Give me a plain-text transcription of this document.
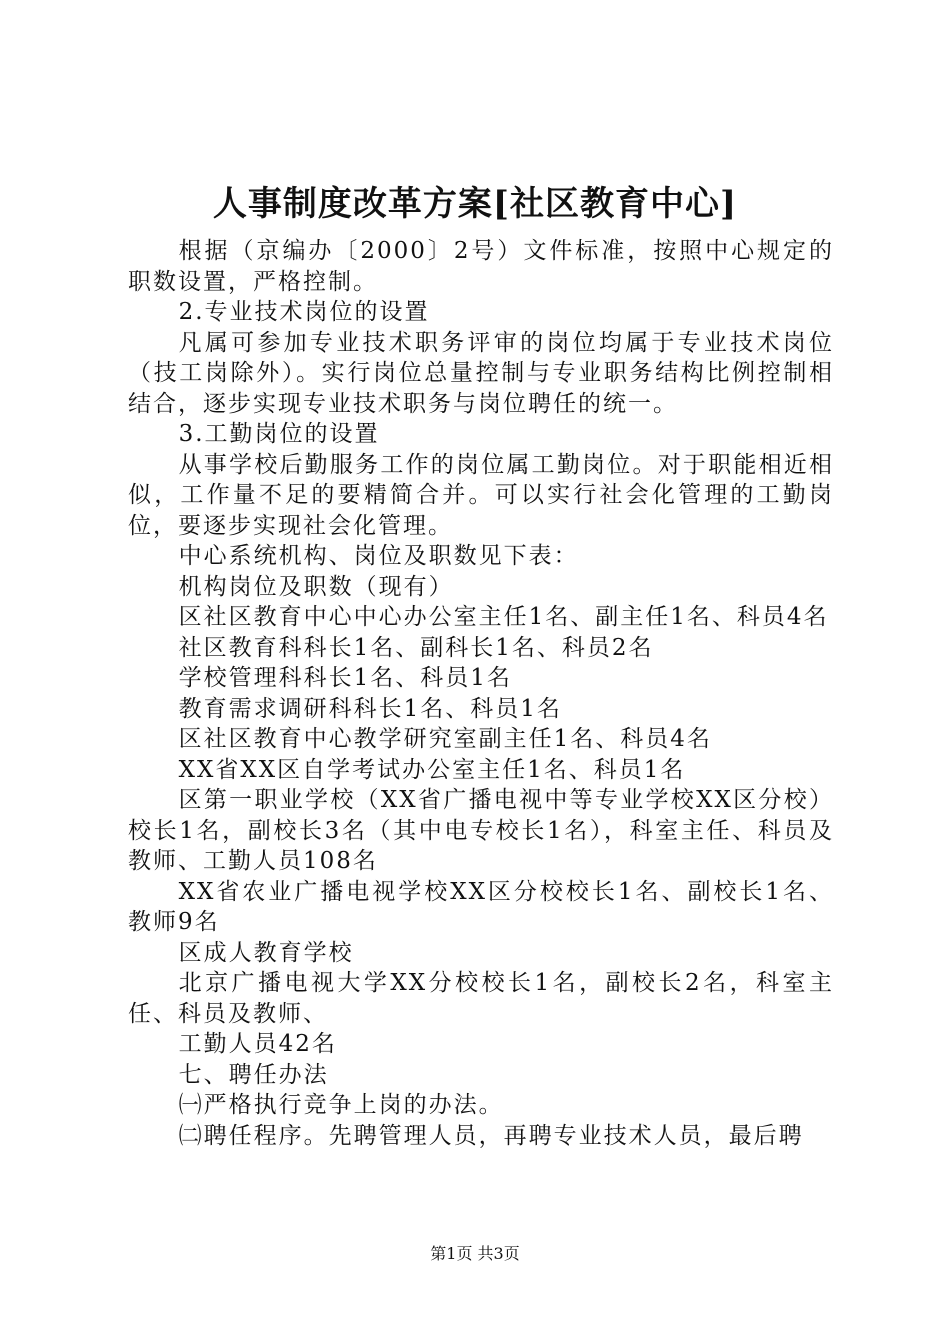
人事制度改革方案[社区教育中心]

根据（京编办〔2000〕2号）文件标准，按照中心规定的职数设置，严格控制。

2.专业技术岗位的设置

凡属可参加专业技术职务评审的岗位均属于专业技术岗位（技工岗除外）。实行岗位总量控制与专业职务结构比例控制相结合，逐步实现专业技术职务与岗位聘任的统一。

3.工勤岗位的设置

从事学校后勤服务工作的岗位属工勤岗位。对于职能相近相似，工作量不足的要精简合并。可以实行社会化管理的工勤岗位，要逐步实现社会化管理。

中心系统机构、岗位及职数见下表：

机构岗位及职数（现有）

区社区教育中心中心办公室主任1名、副主任1名、科员4名

社区教育科科长1名、副科长1名、科员2名

学校管理科科长1名、科员1名

教育需求调研科科长1名、科员1名

区社区教育中心教学研究室副主任1名、科员4名

XX省XX区自学考试办公室主任1名、科员1名

区第一职业学校（XX省广播电视中等专业学校XX区分校）校长1名，副校长3名（其中电专校长1名），科室主任、科员及教师、工勤人员108名

XX省农业广播电视学校XX区分校校长1名、副校长1名、教师9名

区成人教育学校

北京广播电视大学XX分校校长1名，副校长2名，科室主任、科员及教师、

工勤人员42名

七、聘任办法

㈠严格执行竞争上岗的办法。

㈡聘任程序。先聘管理人员，再聘专业技术人员，最后聘

第1页 共3页
